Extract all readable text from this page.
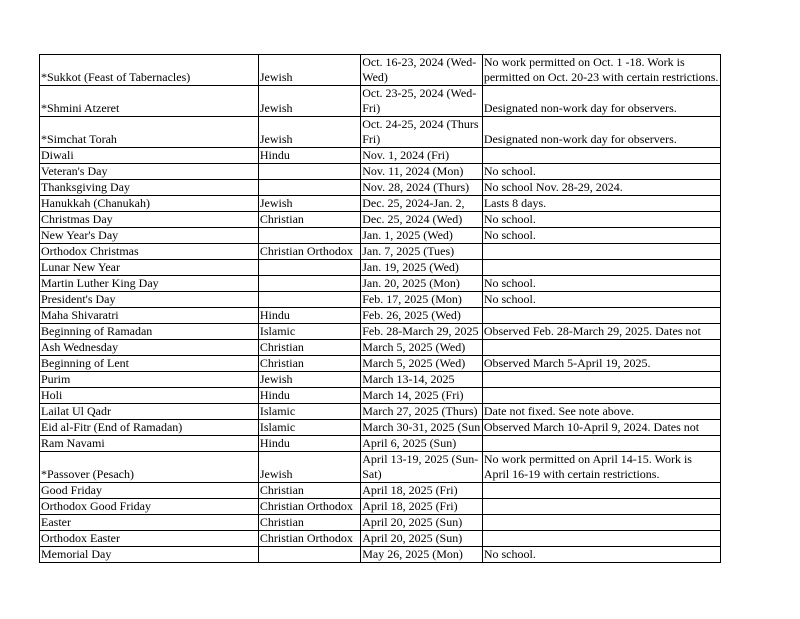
*Sukkot (Feast of Tabernacles)	Jewish	Oct. 16-23, 2024 (Wed-Wed)	No work permitted on Oct. 1 -18. Work is permitted on Oct. 20-23 with certain restrictions.
*Shmini Atzeret	Jewish	Oct. 23-25, 2024 (Wed-Fri)	Designated non-work day for observers.
*Simchat Torah	Jewish	Oct. 24-25, 2024 (Thurs Fri)	Designated non-work day for observers.
Diwali	Hindu	Nov. 1, 2024 (Fri)	
Veteran's Day		Nov. 11, 2024 (Mon)	No school.
Thanksgiving Day		Nov. 28, 2024 (Thurs)	No school Nov. 28-29, 2024.
Hanukkah (Chanukah)	Jewish	Dec. 25, 2024-Jan. 2,	Lasts 8 days.
Christmas Day	Christian	Dec. 25, 2024 (Wed)	No school.
New Year's Day		Jan. 1, 2025 (Wed)	No school.
Orthodox Christmas	Christian Orthodox	Jan. 7, 2025 (Tues)	
Lunar New Year		Jan. 19, 2025 (Wed)	
Martin Luther King Day		Jan. 20, 2025 (Mon)	No school.
President's Day		Feb. 17, 2025 (Mon)	No school.
Maha Shivaratri	Hindu	Feb. 26, 2025 (Wed)	
Beginning of Ramadan	Islamic	Feb. 28-March 29, 2025	Observed Feb. 28-March 29, 2025. Dates not
Ash Wednesday	Christian	March 5, 2025 (Wed)	
Beginning of Lent	Christian	March 5, 2025 (Wed)	Observed March 5-April 19, 2025.
Purim	Jewish	March 13-14, 2025	
Holi	Hindu	March 14, 2025 (Fri)	
Lailat Ul Qadr	Islamic	March 27, 2025 (Thurs)	Date not fixed. See note above.
Eid al-Fitr (End of Ramadan)	Islamic	March 30-31, 2025 (Sun	Observed March 10-April 9, 2024. Dates not
Ram Navami	Hindu	April 6, 2025 (Sun)	
*Passover (Pesach)	Jewish	April 13-19, 2025 (Sun-Sat)	No work permitted on April 14-15. Work is April 16-19 with certain restrictions.
Good Friday	Christian	April 18, 2025 (Fri)	
Orthodox Good Friday	Christian Orthodox	April 18, 2025 (Fri)	
Easter	Christian	April 20, 2025 (Sun)	
Orthodox Easter	Christian Orthodox	April 20, 2025 (Sun)	
Memorial Day		May 26, 2025 (Mon)	No school.
